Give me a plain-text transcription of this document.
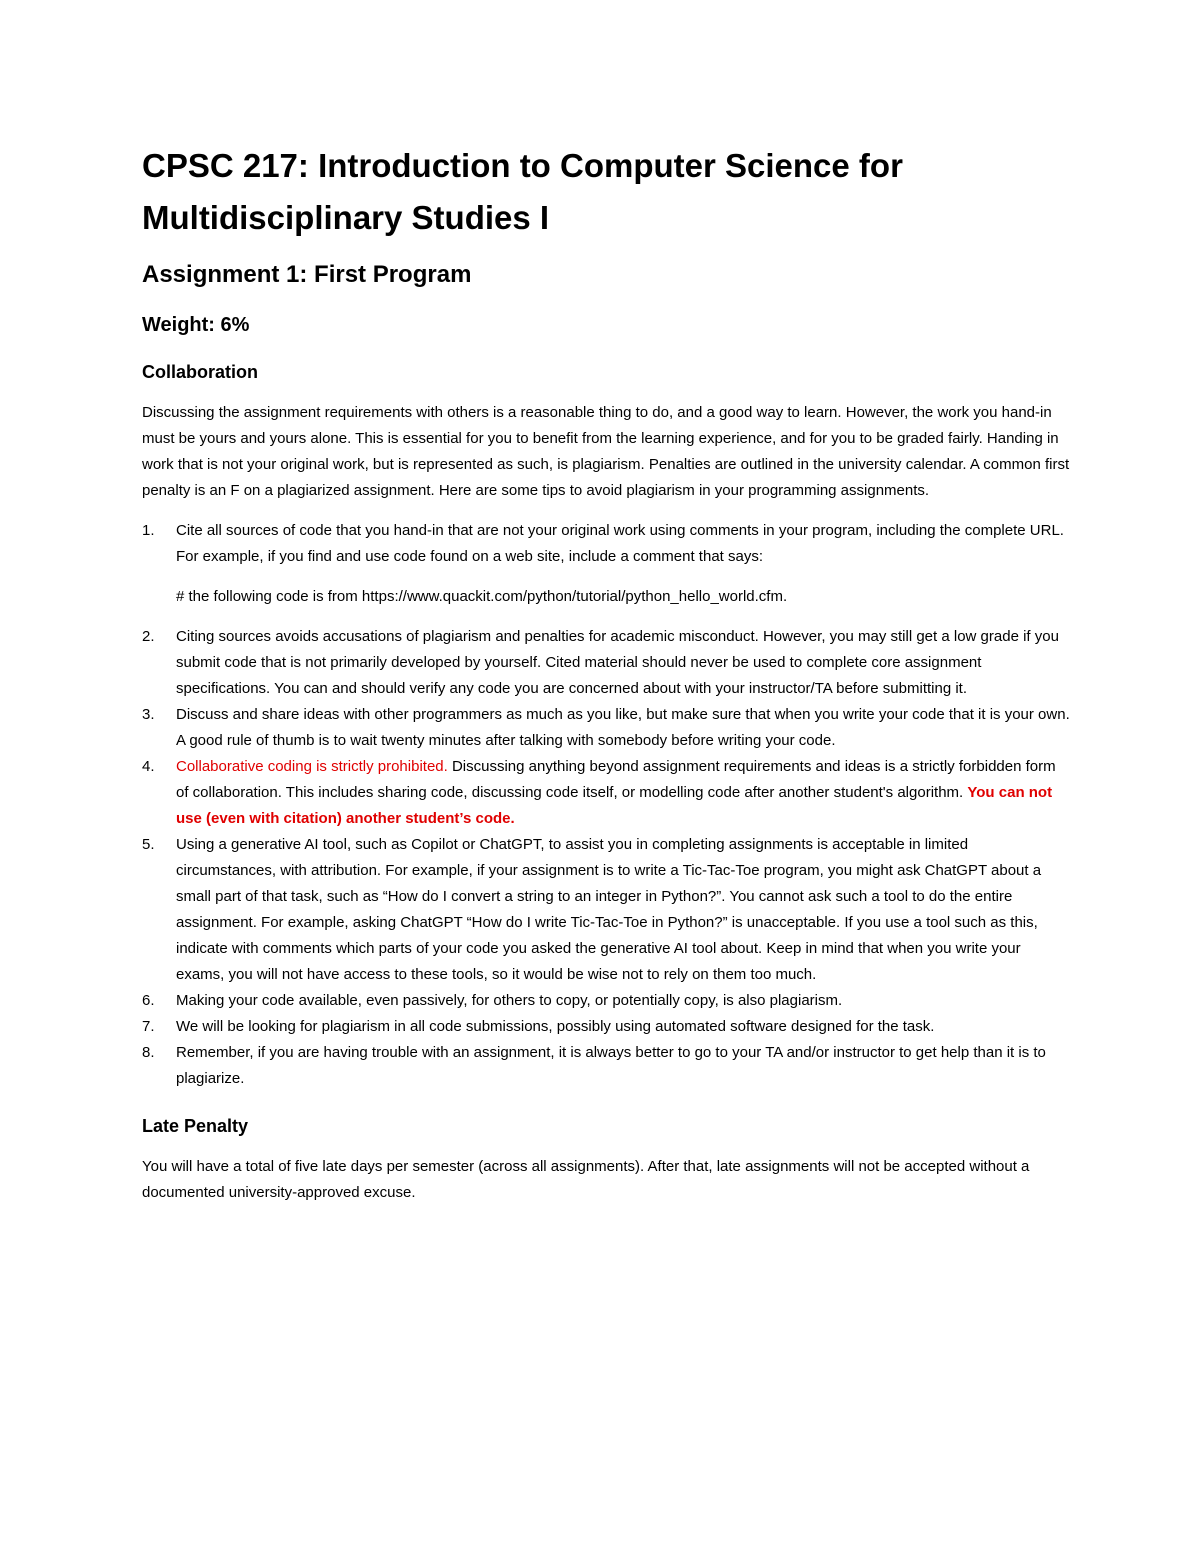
CPSC 217: Introduction to Computer Science for Multidisciplinary Studies I
Assignment 1: First Program
Weight: 6%
Collaboration

Discussing the assignment requirements with others is a reasonable thing to do, and a good way to learn. However, the work you hand-in must be yours and yours alone. This is essential for you to benefit from the learning experience, and for you to be graded fairly. Handing in work that is not your original work, but is represented as such, is plagiarism. Penalties are outlined in the university calendar. A common first penalty is an F on a plagiarized assignment. Here are some tips to avoid plagiarism in your programming assignments.

1. Cite all sources of code that you hand-in that are not your original work using comments in your program, including the complete URL. For example, if you find and use code found on a web site, include a comment that says:
# the following code is from https://www.quackit.com/python/tutorial/python_hello_world.cfm.
2. Citing sources avoids accusations of plagiarism and penalties for academic misconduct. However, you may still get a low grade if you submit code that is not primarily developed by yourself. Cited material should never be used to complete core assignment specifications. You can and should verify any code you are concerned about with your instructor/TA before submitting it.
3. Discuss and share ideas with other programmers as much as you like, but make sure that when you write your code that it is your own. A good rule of thumb is to wait twenty minutes after talking with somebody before writing your code.
4. Collaborative coding is strictly prohibited. Discussing anything beyond assignment requirements and ideas is a strictly forbidden form of collaboration. This includes sharing code, discussing code itself, or modelling code after another student's algorithm. You can not use (even with citation) another student’s code.
5. Using a generative AI tool, such as Copilot or ChatGPT, to assist you in completing assignments is acceptable in limited circumstances, with attribution. For example, if your assignment is to write a Tic-Tac-Toe program, you might ask ChatGPT about a small part of that task, such as “How do I convert a string to an integer in Python?”. You cannot ask such a tool to do the entire assignment. For example, asking ChatGPT “How do I write Tic-Tac-Toe in Python?” is unacceptable. If you use a tool such as this, indicate with comments which parts of your code you asked the generative AI tool about. Keep in mind that when you write your exams, you will not have access to these tools, so it would be wise not to rely on them too much.
6. Making your code available, even passively, for others to copy, or potentially copy, is also plagiarism.
7. We will be looking for plagiarism in all code submissions, possibly using automated software designed for the task.
8. Remember, if you are having trouble with an assignment, it is always better to go to your TA and/or instructor to get help than it is to plagiarize.
Late Penalty

You will have a total of five late days per semester (across all assignments). After that, late assignments will not be accepted without a documented university-approved excuse.
